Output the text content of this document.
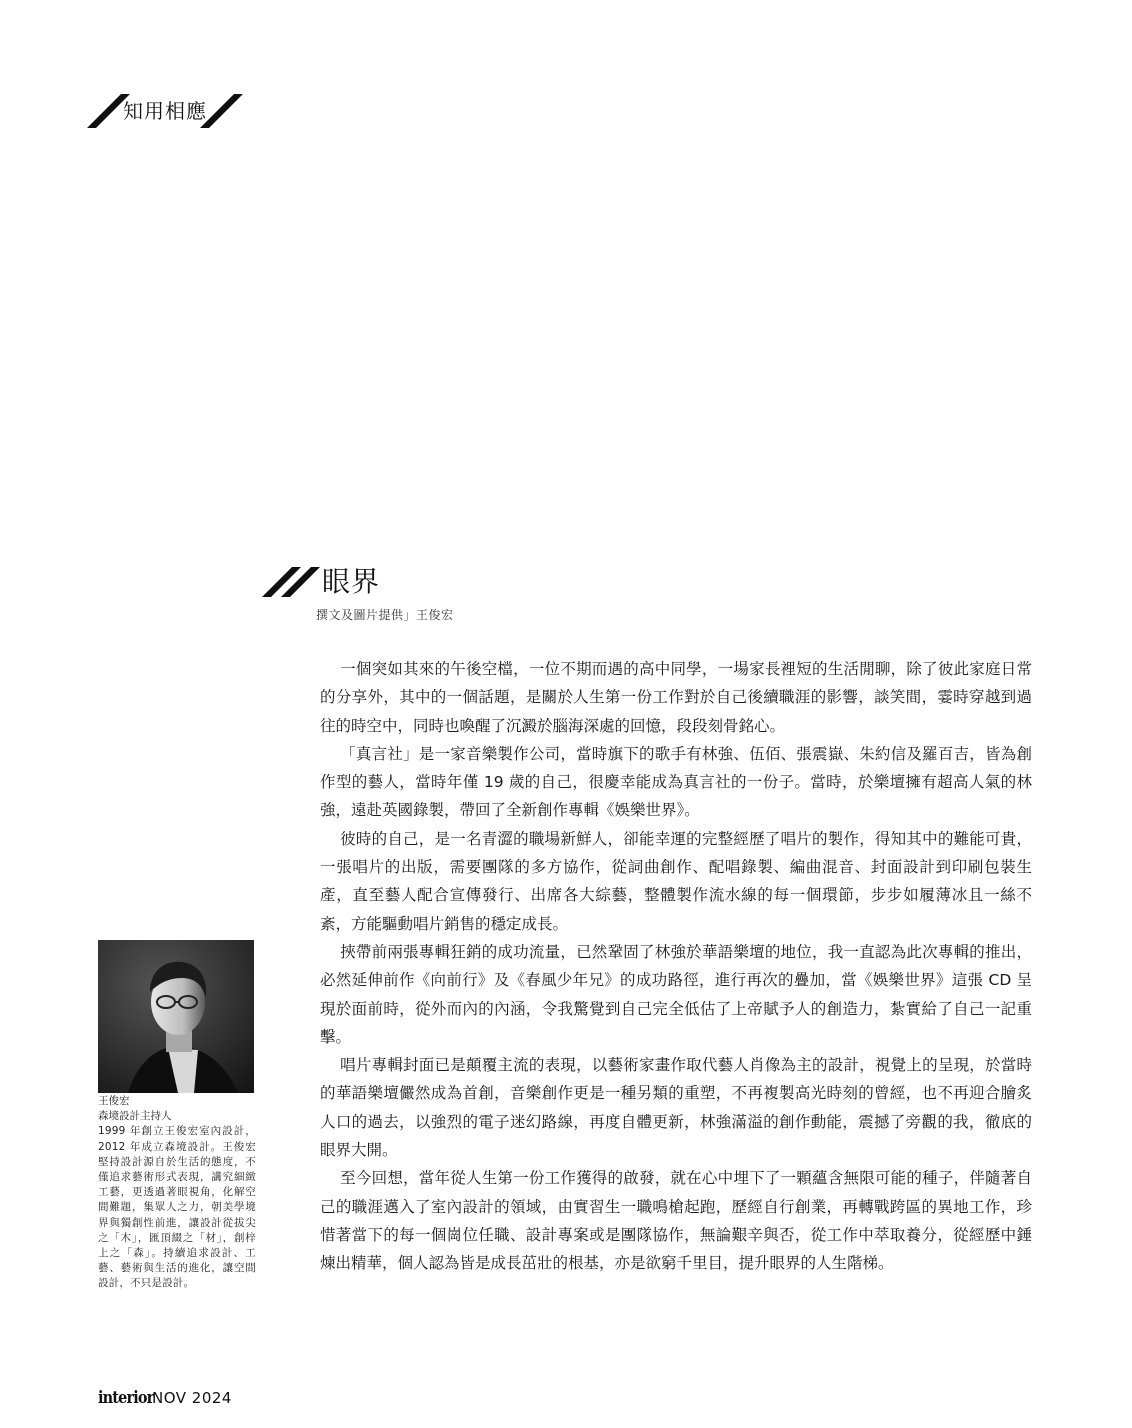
知用相應
眼界
撰文及圖片提供」王俊宏

一個突如其來的午後空檔，一位不期而遇的高中同學，一場家長裡短的生活閒聊，除了彼此家庭日常的分享外，其中的一個話題，是關於人生第一份工作對於自己後續職涯的影響，談笑間，霎時穿越到過往的時空中，同時也喚醒了沉澱於腦海深處的回憶，段段刻骨銘心。

「真言社」是一家音樂製作公司，當時旗下的歌手有林強、伍佰、張震嶽、朱約信及羅百吉，皆為創作型的藝人，當時年僅 19 歲的自己，很慶幸能成為真言社的一份子。當時，於樂壇擁有超高人氣的林強，遠赴英國錄製，帶回了全新創作專輯《娛樂世界》。

彼時的自己，是一名青澀的職場新鮮人，卻能幸運的完整經歷了唱片的製作，得知其中的難能可貴，一張唱片的出版，需要團隊的多方協作，從詞曲創作、配唱錄製、編曲混音、封面設計到印刷包裝生產，直至藝人配合宣傳發行、出席各大綜藝，整體製作流水線的每一個環節，步步如履薄冰且一絲不紊，方能驅動唱片銷售的穩定成長。

挾帶前兩張專輯狂銷的成功流量，已然鞏固了林強於華語樂壇的地位，我一直認為此次專輯的推出，必然延伸前作《向前行》及《春風少年兄》的成功路徑，進行再次的疊加，當《娛樂世界》這張 CD 呈現於面前時，從外而內的內涵，令我驚覺到自己完全低估了上帝賦予人的創造力，紮實給了自己一記重擊。

唱片專輯封面已是顛覆主流的表現，以藝術家畫作取代藝人肖像為主的設計，視覺上的呈現，於當時的華語樂壇儼然成為首創，音樂創作更是一種另類的重塑，不再複製高光時刻的曾經，也不再迎合膾炙人口的過去，以強烈的電子迷幻路線，再度自體更新，林強滿溢的創作動能，震撼了旁觀的我，徹底的眼界大開。

至今回想，當年從人生第一份工作獲得的啟發，就在心中埋下了一顆蘊含無限可能的種子，伴隨著自己的職涯邁入了室內設計的領域，由實習生一職鳴槍起跑，歷經自行創業，再轉戰跨區的異地工作，珍惜著當下的每一個崗位任職、設計專案或是團隊協作，無論艱辛與否，從工作中萃取養分，從經歷中錘煉出精華，個人認為皆是成長茁壯的根基，亦是欲窮千里目，提升眼界的人生階梯。

王俊宏
森境設計主持人
1999 年創立王俊宏室內設計，2012 年成立森境設計。王俊宏堅持設計源自於生活的態度，不僅追求藝術形式表現，講究細緻工藝，更透過著眼視角，化解空間難題，集眾人之力，朝美學境界與獨創性前進，讓設計從拔尖之「木」，匯頂綴之「材」，創梓上之「森」。持續追求設計、工藝、藝術與生活的進化，讓空間設計，不只是設計。
interior
NOV 2024
